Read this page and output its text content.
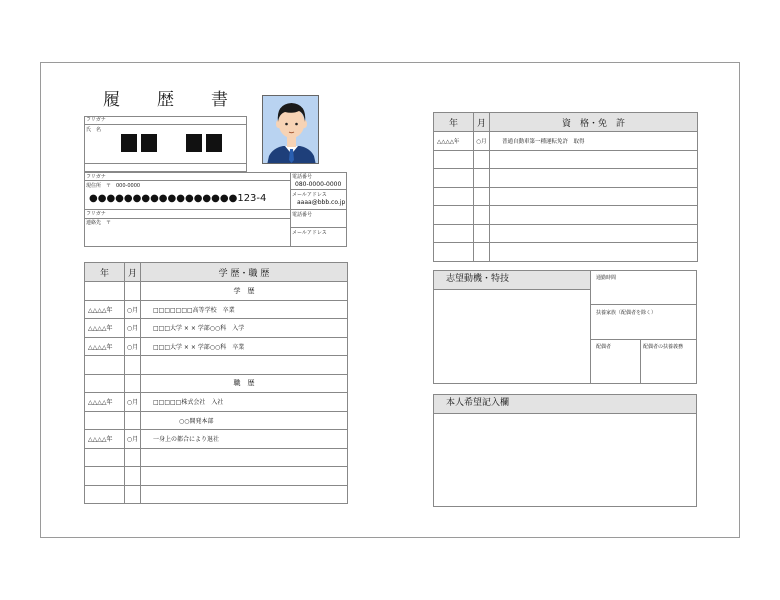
履　歴　書
フリガナ
氏　名
フリガナ
現住所　〒　000-0000
●●●●●●●●●●●●●●●●●123-4
電話番号
080-0000-0000
メールアドレス
aaaa@bbb.co.jp
フリガナ
連絡先　〒
電話番号
メールアドレス
年	月	学 歴・職 歴
		学　歴
△△△△年	○月	□□□□□□□高等学校　卒業
△△△△年	○月	□□□大学 × × 学部○○科　入学
△△△△年	○月	□□□大学 × × 学部○○科　卒業

		職　歴
△△△△年	○月	□□□□□株式会社　入社
		○○開発本部
△△△△年	○月	一身上の都合により退社

年	月	資　格・免　許
△△△△年	○月	普通自動車第一種運転免許　取得

志望動機・特技	通勤時間
扶養家族（配偶者を除く）
配偶者	配偶者の扶養義務
本人希望記入欄
